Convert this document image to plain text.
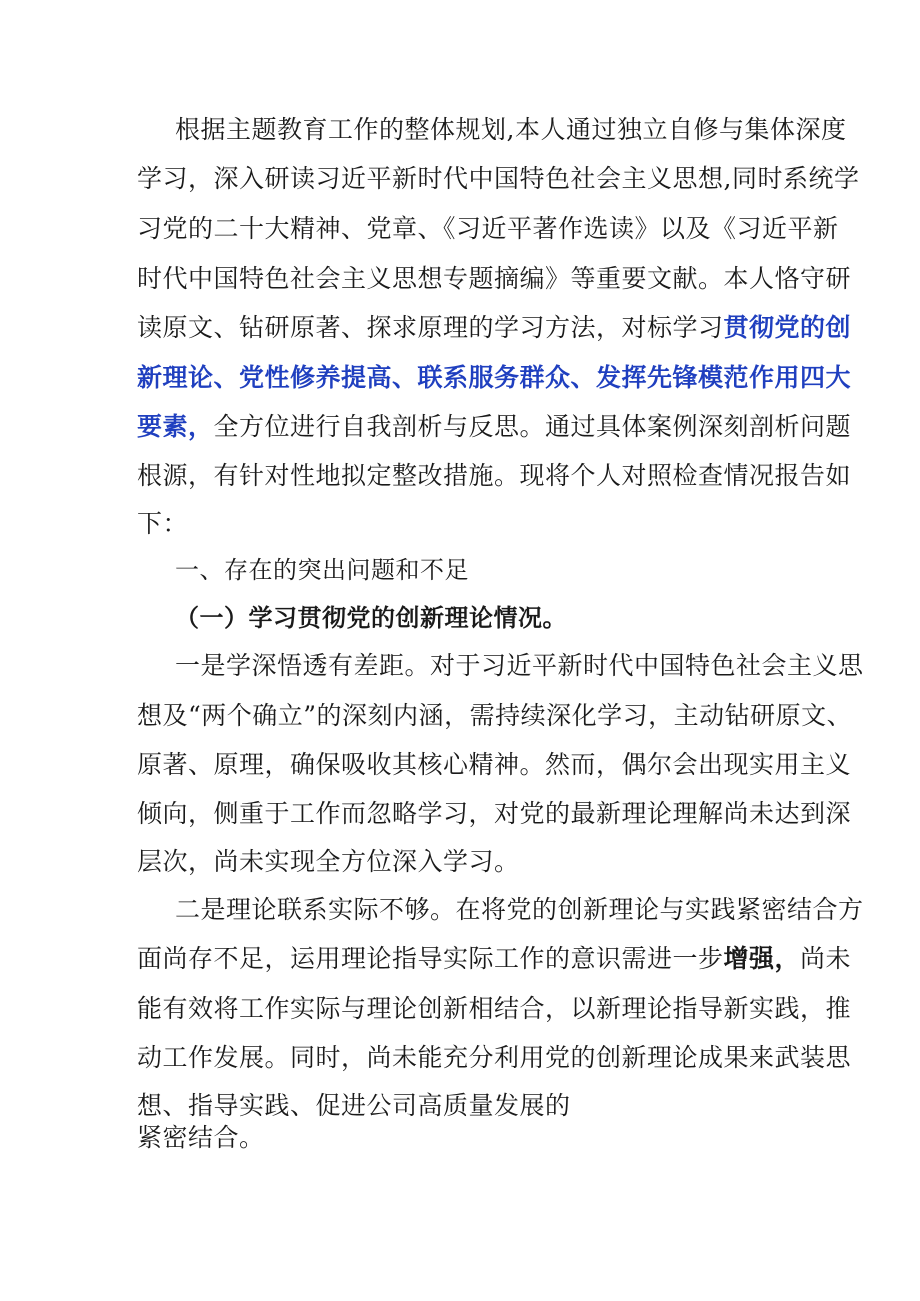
根据主题教育工作的整体规划,本人通过独立自修与集体深度
学习，深入研读习近平新时代中国特色社会主义思想,同时系统学
习党的二十大精神、党章、《习近平著作选读》以及《习近平新
时代中国特色社会主义思想专题摘编》等重要文献。本人恪守研
读原文、钻研原著、探求原理的学习方法，对标学习贯彻党的创
新理论、党性修养提高、联系服务群众、发挥先锋模范作用四大
要素，全方位进行自我剖析与反思。通过具体案例深刻剖析问题
根源，有针对性地拟定整改措施。现将个人对照检查情况报告如
下：
一、存在的突出问题和不足
（一）学习贯彻党的创新理论情况。
一是学深悟透有差距。对于习近平新时代中国特色社会主义思
想及“两个确立”的深刻内涵，需持续深化学习，主动钻研原文、
原著、原理，确保吸收其核心精神。然而，偶尔会出现实用主义
倾向，侧重于工作而忽略学习，对党的最新理论理解尚未达到深
层次，尚未实现全方位深入学习。
二是理论联系实际不够。在将党的创新理论与实践紧密结合方
面尚存不足，运用理论指导实际工作的意识需进一步增强，尚未
能有效将工作实际与理论创新相结合，以新理论指导新实践，推
动工作发展。同时，尚未能充分利用党的创新理论成果来武装思
想、指导实践、促进公司高质量发展的
紧密结合。
